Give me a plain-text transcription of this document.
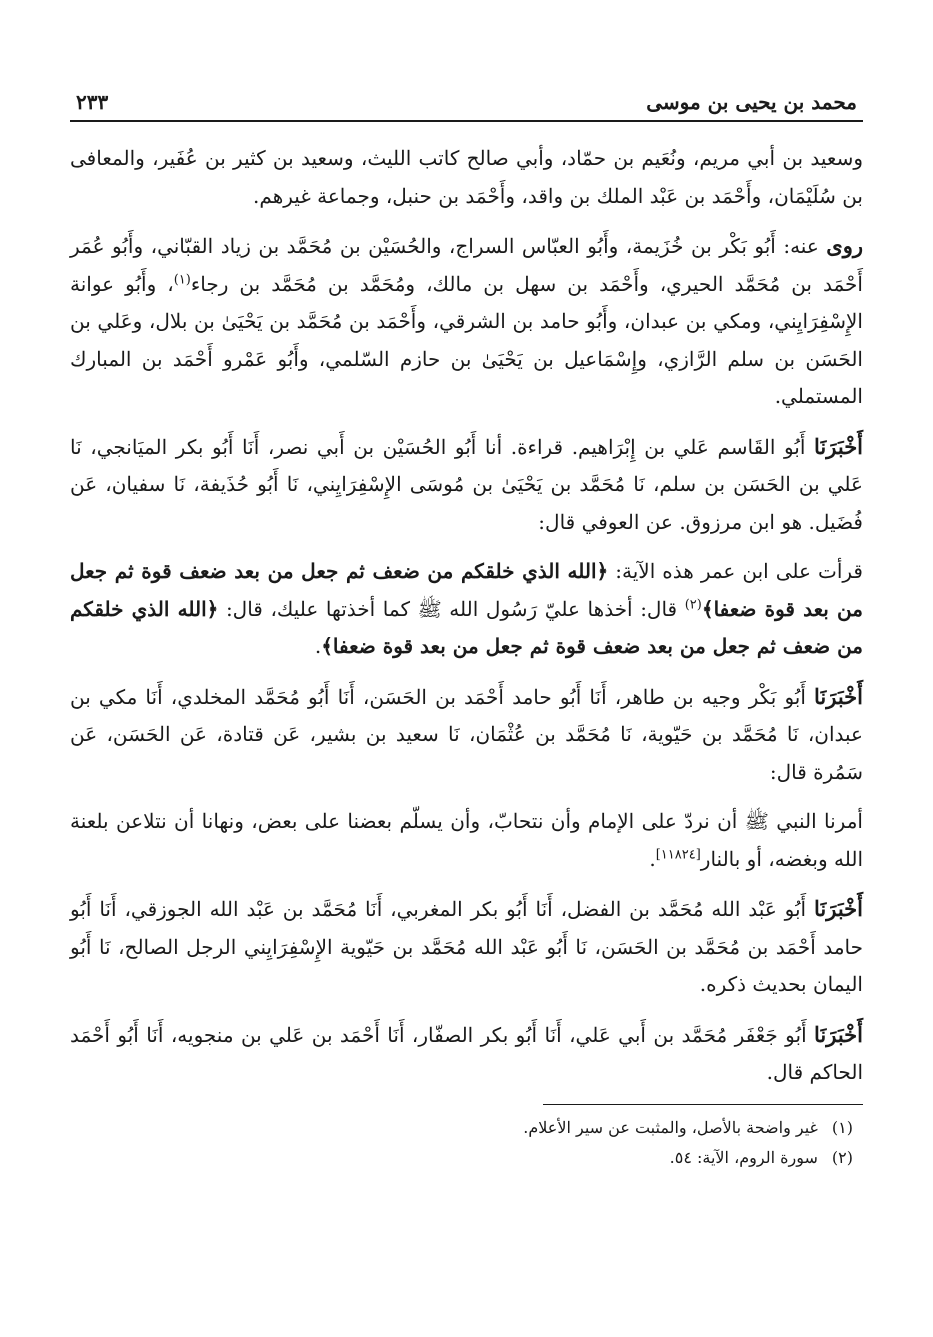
محمد بن يحيى بن موسى
٢٣٣

وسعيد بن أبي مريم، ونُعَيم بن حمّاد، وأبي صالح كاتب الليث، وسعيد بن كثير بن عُفَير، والمعافى بن سُلَيْمَان، وأَحْمَد بن عَبْد الملك بن واقد، وأَحْمَد بن حنبل، وجماعة غيرهم.

روى عنه: أَبُو بَكْر بن خُزَيمة، وأَبُو العبّاس السراج، والحُسَيْن بن مُحَمَّد بن زياد القبّاني، وأَبُو عُمَر أَحْمَد بن مُحَمَّد الحيري، وأَحْمَد بن سهل بن مالك، ومُحَمَّد بن مُحَمَّد بن رجاء$^{(١)}$، وأَبُو عوانة الإِسْفِرَايِني، ومكي بن عبدان، وأَبُو حامد بن الشرقي، وأَحْمَد بن مُحَمَّد بن يَحْيَىٰ بن بلال، وعَلي بن الحَسَن بن سلم الرَّازي، وإِسْمَاعيل بن يَحْيَىٰ بن حازم السّلمي، وأَبُو عَمْرو أَحْمَد بن المبارك المستملي.

أَخْبَرَنَا أَبُو القَاسم عَلي بن إِبْرَاهيم. قراءة. أنا أَبُو الحُسَيْن بن أَبي نصر، أَنَا أَبُو بكر الميَانجي، نَا عَلي بن الحَسَن بن سلم، نَا مُحَمَّد بن يَحْيَىٰ بن مُوسَى الإِسْفِرَايِني، نَا أَبُو حُذَيفة، نَا سفيان، عَن فُضَيل. هو ابن مرزوق. عن العوفي قال:

قرأت على ابن عمر هذه الآية: ﴿الله الذي خلقكم من ضعف ثم جعل من بعد ضعف قوة ثم جعل من بعد قوة ضعفا﴾$^{(٢)}$ قال: أخذها عليّ رَسُول الله ﷺ كما أخذتها عليك، قال: ﴿الله الذي خلقكم من ضعف ثم جعل من بعد ضعف قوة ثم جعل من بعد قوة ضعفا﴾.

أَخْبَرَنَا أَبُو بَكْر وجيه بن طاهر، أَنَا أَبُو حامد أَحْمَد بن الحَسَن، أَنَا أَبُو مُحَمَّد المخلدي، أَنَا مكي بن عبدان، نَا مُحَمَّد بن حَيّوية، نَا مُحَمَّد بن عُثْمَان، نَا سعيد بن بشير، عَن قتادة، عَن الحَسَن، عَن سَمُرة قال:

أمرنا النبي ﷺ أن نردّ على الإمام وأن نتحابّ، وأن يسلّم بعضنا على بعض، ونهانا أن نتلاعن بلعنة الله وبغضه، أو بالنار[١١٨٢٤].

أَخْبَرَنَا أَبُو عَبْد الله مُحَمَّد بن الفضل، أَنَا أَبُو بكر المغربي، أَنَا مُحَمَّد بن عَبْد الله الجوزقي، أَنَا أَبُو حامد أَحْمَد بن مُحَمَّد بن الحَسَن، نَا أَبُو عَبْد الله مُحَمَّد بن حَيّوية الإِسْفِرَايِني الرجل الصالح، نَا أَبُو اليمان بحديث ذكره.

أَخْبَرَنَا أَبُو جَعْفَر مُحَمَّد بن أَبي عَلي، أَنَا أَبُو بكر الصفّار، أَنَا أَحْمَد بن عَلي بن منجويه، أَنَا أَبُو أَحْمَد الحاكم قال.

(١)
غير واضحة بالأصل، والمثبت عن سير الأعلام.
(٢)
سورة الروم، الآية: ٥٤.
